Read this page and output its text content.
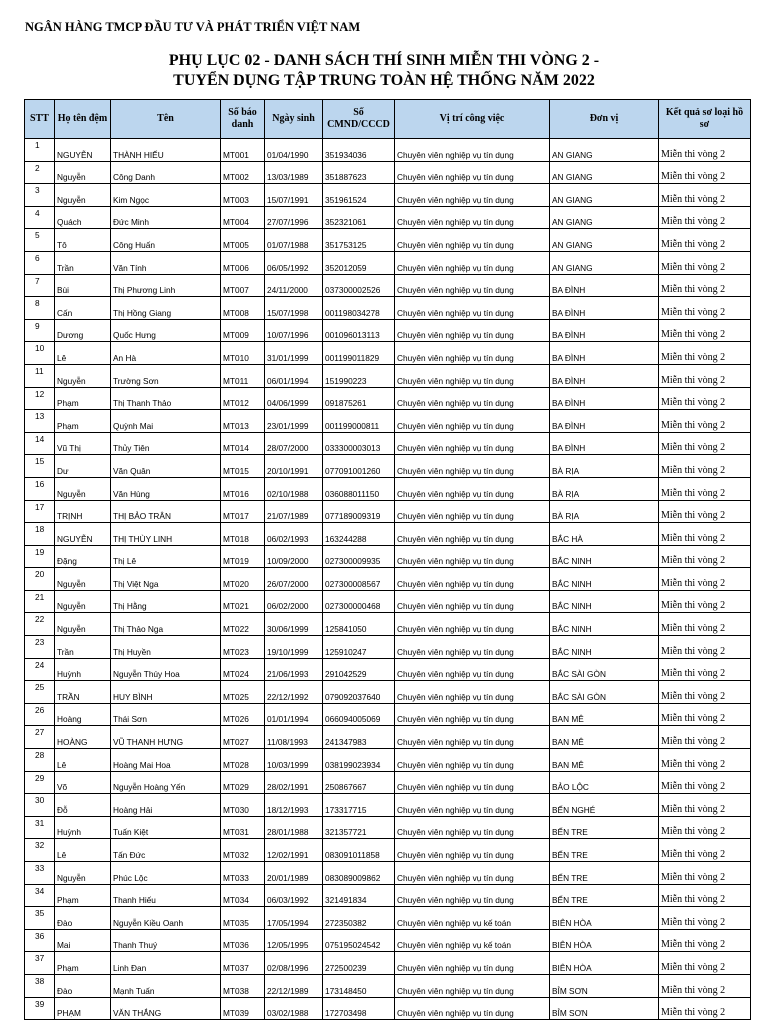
NGÂN HÀNG TMCP ĐẦU TƯ VÀ PHÁT TRIỂN VIỆT NAM
PHỤ LỤC 02 - DANH SÁCH THÍ SINH MIỄN THI VÒNG 2 -
TUYỂN DỤNG TẬP TRUNG TOÀN HỆ THỐNG NĂM 2022
STT	Họ tên đệm	Tên	Số báo danh	Ngày sinh	Số CMND/CCCD	Vị trí công việc	Đơn vị	Kết quả sơ loại hồ sơ
1	NGUYỄN	THÀNH HIẾU	MT001	01/04/1990	351934036	Chuyên viên nghiệp vụ tín dụng	AN GIANG	Miễn thi vòng 2
2	Nguyễn	Công Danh	MT002	13/03/1989	351887623	Chuyên viên nghiệp vụ tín dụng	AN GIANG	Miễn thi vòng 2
3	Nguyễn	Kim Ngọc	MT003	15/07/1991	351961524	Chuyên viên nghiệp vụ tín dụng	AN GIANG	Miễn thi vòng 2
4	Quách	Đức Minh	MT004	27/07/1996	352321061	Chuyên viên nghiệp vụ tín dụng	AN GIANG	Miễn thi vòng 2
5	Tô	Công Huấn	MT005	01/07/1988	351753125	Chuyên viên nghiệp vụ tín dụng	AN GIANG	Miễn thi vòng 2
6	Trần	Văn Tính	MT006	06/05/1992	352012059	Chuyên viên nghiệp vụ tín dụng	AN GIANG	Miễn thi vòng 2
7	Bùi	Thị Phương Linh	MT007	24/11/2000	037300002526	Chuyên viên nghiệp vụ tín dụng	BA ĐÌNH	Miễn thi vòng 2
8	Cấn	Thị Hồng Giang	MT008	15/07/1998	001198034278	Chuyên viên nghiệp vụ tín dụng	BA ĐÌNH	Miễn thi vòng 2
9	Dương	Quốc Hưng	MT009	10/07/1996	001096013113	Chuyên viên nghiệp vụ tín dụng	BA ĐÌNH	Miễn thi vòng 2
10	Lê	An Hà	MT010	31/01/1999	001199011829	Chuyên viên nghiệp vụ tín dụng	BA ĐÌNH	Miễn thi vòng 2
11	Nguyễn	Trường Sơn	MT011	06/01/1994	151990223	Chuyên viên nghiệp vụ tín dụng	BA ĐÌNH	Miễn thi vòng 2
12	Phạm	Thị Thanh Thảo	MT012	04/06/1999	091875261	Chuyên viên nghiệp vụ tín dụng	BA ĐÌNH	Miễn thi vòng 2
13	Phạm	Quỳnh Mai	MT013	23/01/1999	001199000811	Chuyên viên nghiệp vụ tín dụng	BA ĐÌNH	Miễn thi vòng 2
14	Vũ Thị	Thủy Tiên	MT014	28/07/2000	033300003013	Chuyên viên nghiệp vụ tín dụng	BA ĐÌNH	Miễn thi vòng 2
15	Dư	Văn Quân	MT015	20/10/1991	077091001260	Chuyên viên nghiệp vụ tín dụng	BÀ RỊA	Miễn thi vòng 2
16	Nguyễn	Văn Hùng	MT016	02/10/1988	036088011150	Chuyên viên nghiệp vụ tín dụng	BÀ RỊA	Miễn thi vòng 2
17	TRỊNH	THỊ BẢO TRÂN	MT017	21/07/1989	077189009319	Chuyên viên nghiệp vụ tín dụng	BÀ RỊA	Miễn thi vòng 2
18	NGUYỄN	THỊ THÙY LINH	MT018	06/02/1993	163244288	Chuyên viên nghiệp vụ tín dụng	BẮC HÀ	Miễn thi vòng 2
19	Đặng	Thị Lê	MT019	10/09/2000	027300009935	Chuyên viên nghiệp vụ tín dụng	BẮC NINH	Miễn thi vòng 2
20	Nguyễn	Thị Việt Nga	MT020	26/07/2000	027300008567	Chuyên viên nghiệp vụ tín dụng	BẮC NINH	Miễn thi vòng 2
21	Nguyễn	Thị Hằng	MT021	06/02/2000	027300000468	Chuyên viên nghiệp vụ tín dụng	BẮC NINH	Miễn thi vòng 2
22	Nguyễn	Thị Thảo Nga	MT022	30/06/1999	125841050	Chuyên viên nghiệp vụ tín dụng	BẮC NINH	Miễn thi vòng 2
23	Trần	Thị Huyền	MT023	19/10/1999	125910247	Chuyên viên nghiệp vụ tín dụng	BẮC NINH	Miễn thi vòng 2
24	Huỳnh	Nguyễn Thúy Hoa	MT024	21/06/1993	291042529	Chuyên viên nghiệp vụ tín dụng	BẮC SÀI GÒN	Miễn thi vòng 2
25	TRẦN	HUY BÌNH	MT025	22/12/1992	079092037640	Chuyên viên nghiệp vụ tín dụng	BẮC SÀI GÒN	Miễn thi vòng 2
26	Hoàng	Thái Sơn	MT026	01/01/1994	066094005069	Chuyên viên nghiệp vụ tín dụng	BAN MÊ	Miễn thi vòng 2
27	HOÀNG	VŨ THANH HƯNG	MT027	11/08/1993	241347983	Chuyên viên nghiệp vụ tín dụng	BAN MÊ	Miễn thi vòng 2
28	Lê	Hoàng Mai Hoa	MT028	10/03/1999	038199023934	Chuyên viên nghiệp vụ tín dụng	BAN MÊ	Miễn thi vòng 2
29	Võ	Nguyễn Hoàng Yến	MT029	28/02/1991	250867667	Chuyên viên nghiệp vụ tín dụng	BẢO LỘC	Miễn thi vòng 2
30	Đỗ	Hoàng Hải	MT030	18/12/1993	173317715	Chuyên viên nghiệp vụ tín dụng	BẾN NGHÉ	Miễn thi vòng 2
31	Huỳnh	Tuấn Kiệt	MT031	28/01/1988	321357721	Chuyên viên nghiệp vụ tín dụng	BẾN TRE	Miễn thi vòng 2
32	Lê	Tấn Đức	MT032	12/02/1991	083091011858	Chuyên viên nghiệp vụ tín dụng	BẾN TRE	Miễn thi vòng 2
33	Nguyễn	Phúc Lộc	MT033	20/01/1989	083089009862	Chuyên viên nghiệp vụ tín dụng	BẾN TRE	Miễn thi vòng 2
34	Phạm	Thanh Hiếu	MT034	06/03/1992	321491834	Chuyên viên nghiệp vụ tín dụng	BẾN TRE	Miễn thi vòng 2
35	Đào	Nguyễn Kiều Oanh	MT035	17/05/1994	272350382	Chuyên viên nghiệp vụ kế toán	BIÊN HÒA	Miễn thi vòng 2
36	Mai	Thanh Thuý	MT036	12/05/1995	075195024542	Chuyên viên nghiệp vụ kế toán	BIÊN HÒA	Miễn thi vòng 2
37	Phạm	Linh Đan	MT037	02/08/1996	272500239	Chuyên viên nghiệp vụ tín dụng	BIÊN HÒA	Miễn thi vòng 2
38	Đào	Mạnh Tuấn	MT038	22/12/1989	173148450	Chuyên viên nghiệp vụ tín dụng	BỈM SƠN	Miễn thi vòng 2
39	PHẠM	VĂN THẮNG	MT039	03/02/1988	172703498	Chuyên viên nghiệp vụ tín dụng	BỈM SƠN	Miễn thi vòng 2
